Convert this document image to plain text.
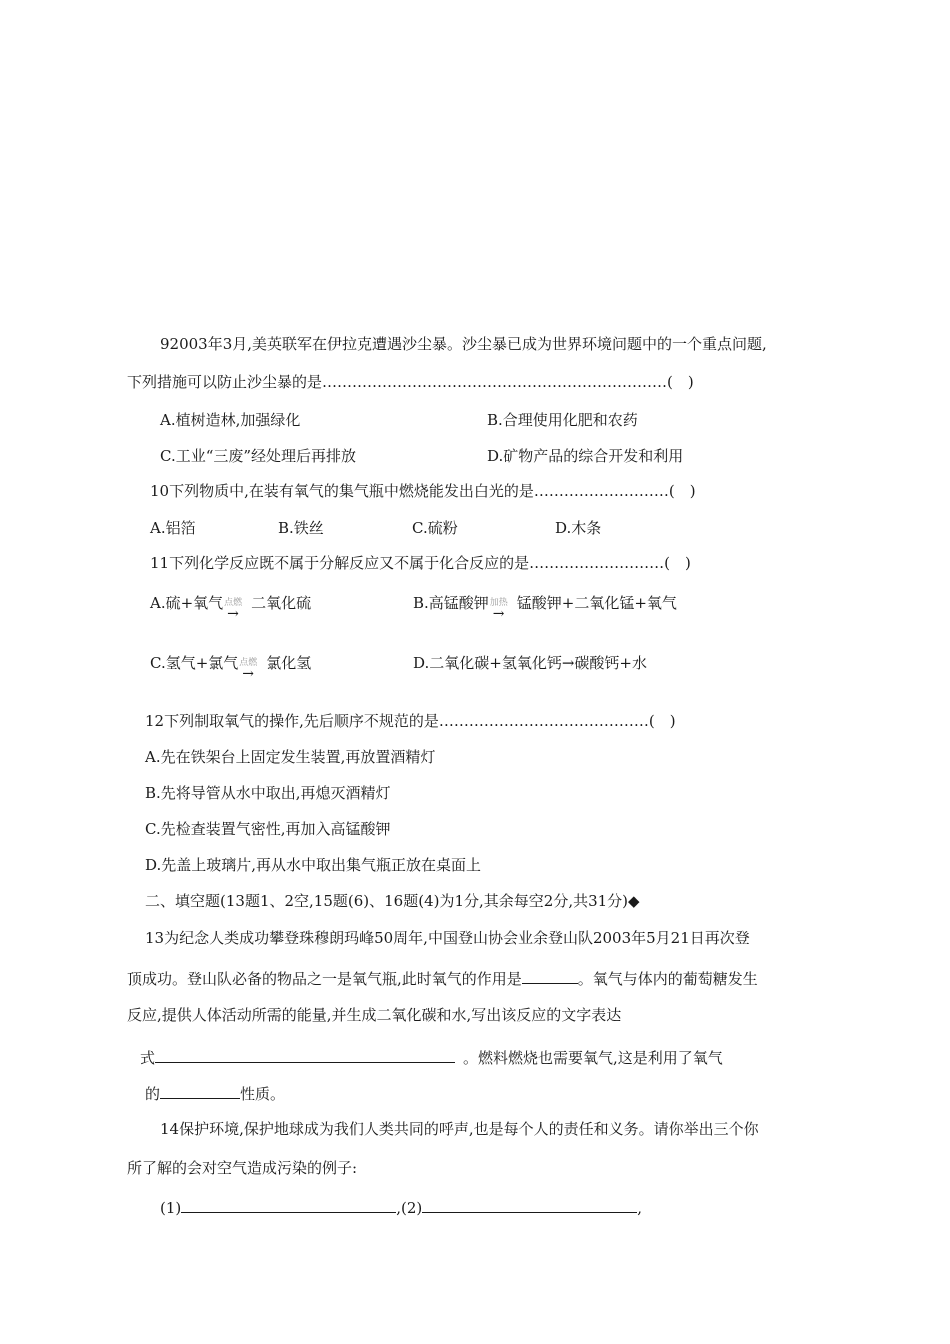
92003年3月,美英联军在伊拉克遭遇沙尘暴。沙尘暴已成为世界环境问题中的一个重点问题,
下列措施可以防止沙尘暴的是……………………………………………………………(　)
A.植树造林,加强绿化	B.合理使用化肥和农药
C.工业“三废”经处理后再排放	D.矿物产品的综合开发和利用
10下列物质中,在装有氧气的集气瓶中燃烧能发出白光的是………………………(　)
A.铝箔	B.铁丝	C.硫粉	D.木条
11下列化学反应既不属于分解反应又不属于化合反应的是………………………(　)
A.硫+氧气 点燃
→
二氧化硫	B.高锰酸钾 加热
→
锰酸钾+二氧化锰+氧气
C.氢气+氯气 点燃
→
氯化氢	D.二氧化碳+氢氧化钙→碳酸钙+水
12下列制取氧气的操作,先后顺序不规范的是……………………………………(　)
A.先在铁架台上固定发生装置,再放置酒精灯
B.先将导管从水中取出,再熄灭酒精灯
C.先检查装置气密性,再加入高锰酸钾
D.先盖上玻璃片,再从水中取出集气瓶正放在桌面上
二、填空题(13题1、2空,15题(6)、16题(4)为1分,其余每空2分,共31分)◆
13为纪念人类成功攀登珠穆朗玛峰50周年,中国登山协会业余登山队2003年5月21日再次登
顶成功。登山队必备的物品之一是氧气瓶,此时氧气的作用是	。氧气与体内的葡萄糖发生
反应,提供人体活动所需的能量,并生成二氧化碳和水,写出该反应的文字表达
式	。燃料燃烧也需要氧气,这是利用了氧气
的	性质。
14保护环境,保护地球成为我们人类共同的呼声,也是每个人的责任和义务。请你举出三个你
所了解的会对空气造成污染的例子:
(1)	,(2)	,
